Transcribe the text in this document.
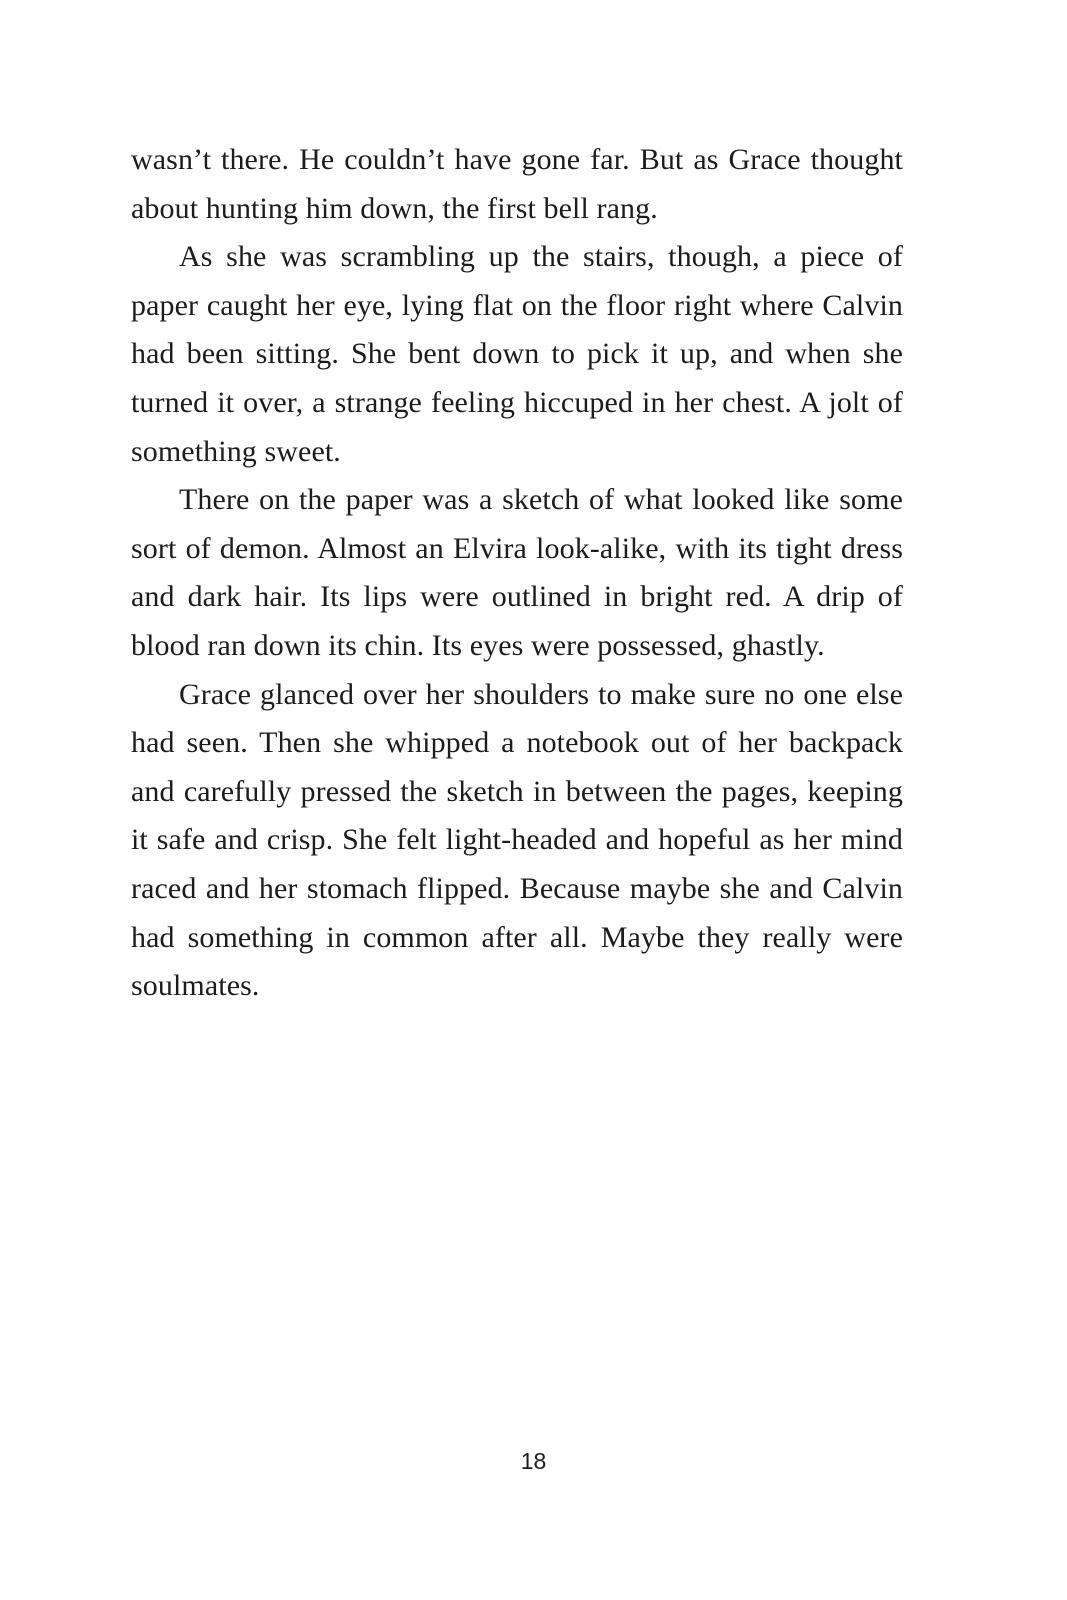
wasn’t there. He couldn’t have gone far. But as Grace thought about hunting him down, the first bell rang.

As she was scrambling up the stairs, though, a piece of paper caught her eye, lying flat on the floor right where Calvin had been sitting. She bent down to pick it up, and when she turned it over, a strange feeling hiccuped in her chest. A jolt of something sweet.

There on the paper was a sketch of what looked like some sort of demon. Almost an Elvira look-alike, with its tight dress and dark hair. Its lips were outlined in bright red. A drip of blood ran down its chin. Its eyes were possessed, ghastly.

Grace glanced over her shoulders to make sure no one else had seen. Then she whipped a notebook out of her backpack and carefully pressed the sketch in between the pages, keeping it safe and crisp. She felt light-headed and hopeful as her mind raced and her stomach flipped. Because maybe she and Calvin had something in common after all. Maybe they really were soulmates.

18
